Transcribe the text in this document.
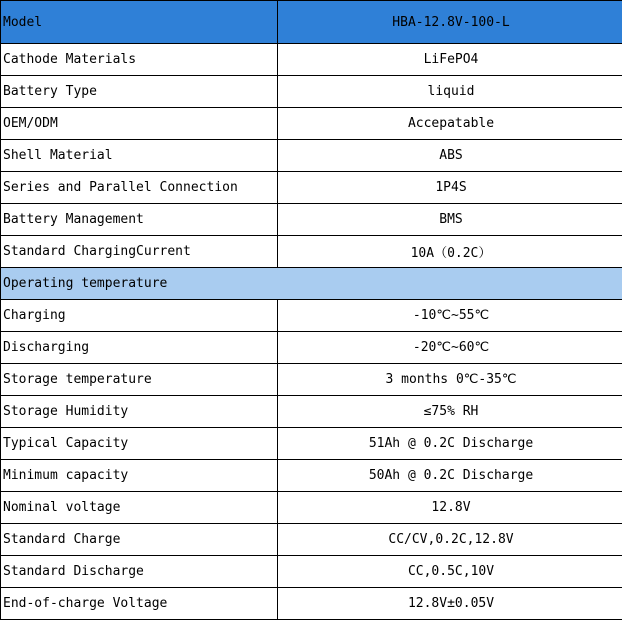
Model	HBA-12.8V-100-L
Cathode Materials	LiFePO4
Battery Type	liquid
OEM/ODM	Accepatable
Shell Material	ABS
Series and Parallel Connection	1P4S
Battery Management	BMS
Standard ChargingCurrent	10A（0.2C）
Operating temperature	
Charging	-10℃~55℃
Discharging	-20℃~60℃
Storage temperature	3 months 0℃-35℃
Storage Humidity	≤75% RH
Typical Capacity	51Ah @ 0.2C Discharge
Minimum capacity	50Ah @ 0.2C Discharge
Nominal voltage	12.8V
Standard Charge	CC/CV,0.2C,12.8V
Standard Discharge	CC,0.5C,10V
End-of-charge Voltage	12.8V±0.05V
